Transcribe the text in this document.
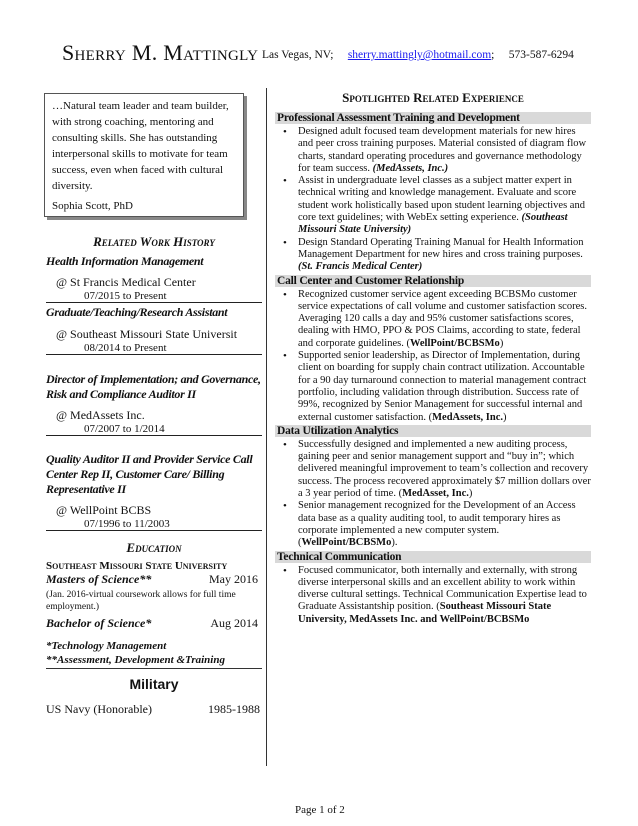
Sherry M. Mattingly Las Vegas, NV; sherry.mattingly@hotmail.com; 573-587-6294
…Natural team leader and team builder, with strong coaching, mentoring and consulting skills. She has outstanding interpersonal skills to motivate for team success, even when faced with cultural diversity.
Sophia Scott, PhD
Related Work History
Health Information Management
@ St Francis Medical Center
07/2015 to Present
Graduate/Teaching/Research Assistant
@ Southeast Missouri State Universit
08/2014 to Present
Director of Implementation; and Governance, Risk and Compliance Auditor II
@ MedAssets Inc.
07/2007 to 1/2014
Quality Auditor II and Provider Service Call Center Rep II, Customer Care/ Billing Representative II
@ WellPoint BCBS
07/1996 to 11/2003
Education
Southeast Missouri State University
Masters of Science**	May 2016
(Jan. 2016-virtual coursework allows for full time employment.)
Bachelor of Science*	Aug 2014
*Technology Management
**Assessment, Development &Training
Military
US Navy (Honorable)	1985-1988
Spotlighted Related Experience
Professional Assessment Training and Development
• Designed adult focused team development materials for new hires and peer cross training purposes. Material consisted of diagram flow charts, standard operating procedures and governance methodology for team success. (MedAssets, Inc.)
• Assist in undergraduate level classes as a subject matter expert in technical writing and knowledge management. Evaluate and score student work holistically based upon student learning objectives and core text guidelines; with WebEx setting experience. (Southeast Missouri State University)
• Design Standard Operating Training Manual for Health Information Management Department for new hires and cross training purposes. (St. Francis Medical Center)
Call Center and Customer Relationship
• Recognized customer service agent exceeding BCBSMo customer service expectations of call volume and customer satisfaction scores. Averaging 120 calls a day and 95% customer satisfactions scores, dealing with HMO, PPO & POS Claims, according to state, federal and corporate guidelines. (WellPoint/BCBSMo)
• Supported senior leadership, as Director of Implementation, during client on boarding for supply chain contract utilization. Accountable for a 90 day turnaround connection to material management contract portfolio, including validation through distribution. Success rate of 99%, recognized by Senior Management for successful internal and external customer satisfaction. (MedAssets, Inc.)
Data Utilization Analytics
• Successfully designed and implemented a new auditing process, gaining peer and senior management support and “buy in”; which delivered meaningful improvement to team’s collection and recovery success. The process recovered approximately $7 million dollars over a 3 year period of time. (MedAsset, Inc.)
• Senior management recognized for the Development of an Access data base as a quality auditing tool, to audit temporary hires as corporate implemented a new computer system. (WellPoint/BCBSMo).
Technical Communication
• Focused communicator, both internally and externally, with strong diverse interpersonal skills and an excellent ability to work within diverse cultural settings. Technical Communication Expertise lead to Graduate Assistantship position. (Southeast Missouri State University, MedAssets Inc. and WellPoint/BCBSMo
Page 1 of 2
